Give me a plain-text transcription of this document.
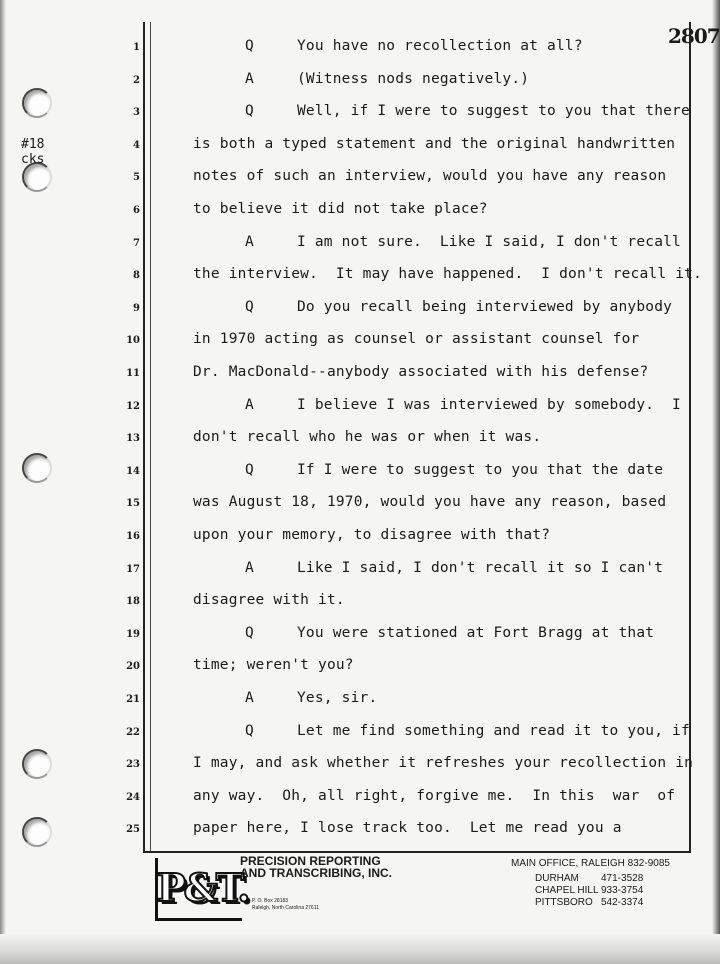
#18
cks
2807
1	Q	You have no recollection at all?
2	A	(Witness nods negatively.)
3	Q	Well, if I were to suggest to you that there
4	is both a typed statement and the original handwritten
5	notes of such an interview, would you have any reason
6	to believe it did not take place?
7	A	I am not sure.  Like I said, I don't recall
8	the interview.  It may have happened.  I don't recall it.
9	Q	Do you recall being interviewed by anybody
10	in 1970 acting as counsel or assistant counsel for
11	Dr. MacDonald--anybody associated with his defense?
12	A	I believe I was interviewed by somebody.  I
13	don't recall who he was or when it was.
14	Q	If I were to suggest to you that the date
15	was August 18, 1970, would you have any reason, based
16	upon your memory, to disagree with that?
17	A	Like I said, I don't recall it so I can't
18	disagree with it.
19	Q	You were stationed at Fort Bragg at that
20	time; weren't you?
21	A	Yes, sir.
22	Q	Let me find something and read it to you, if
23	I may, and ask whether it refreshes your recollection in
24	any way.  Oh, all right, forgive me.  In this  war  of
25	paper here, I lose track too.  Let me read you a
P&T.
PRECISION REPORTING
AND TRANSCRIBING, INC.
P. O. Box 28183
Raleigh, North Carolina 27611
MAIN OFFICE, RALEIGH 832-9085
DURHAM 471-3528
CHAPEL HILL 933-3754
PITTSBORO 542-3374
